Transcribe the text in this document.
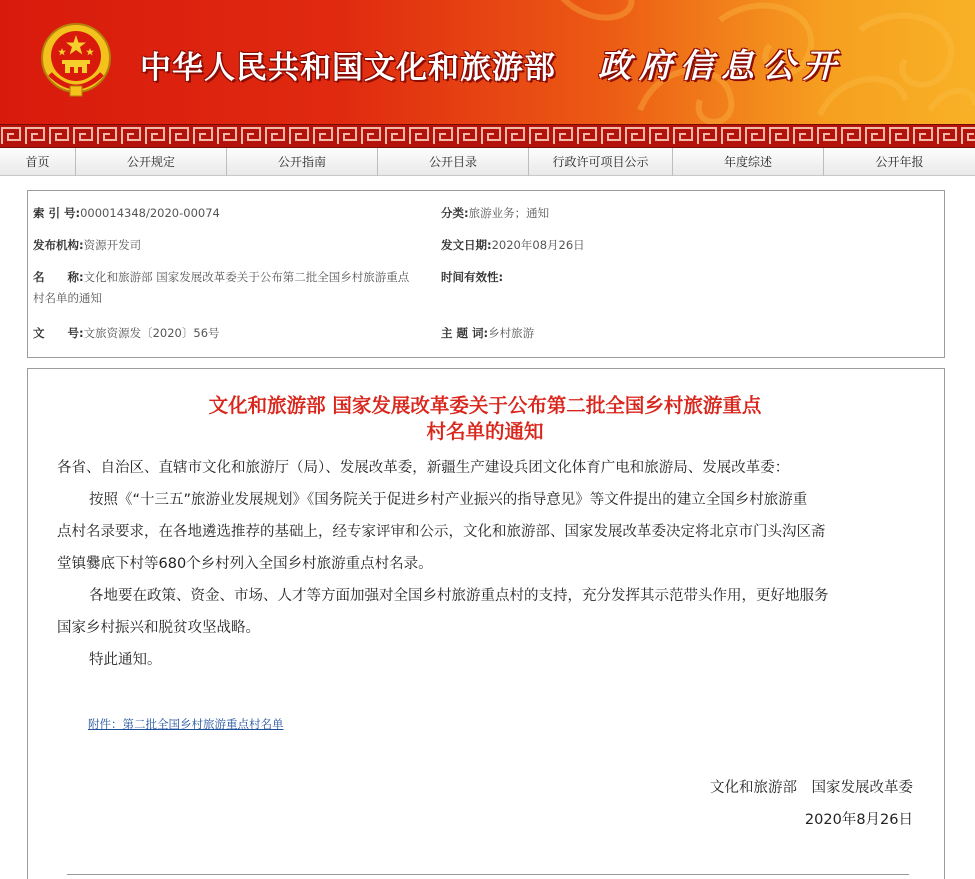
中华人民共和国文化和旅游部 政府信息公开
首页	公开规定	公开指南	公开目录	行政许可项目公示	年度综述	公开年报
索 引 号:000014348/2020-00074	分类:旅游业务；通知
发布机构:资源开发司	发文日期:2020年08月26日
名　　称:文化和旅游部 国家发展改革委关于公布第二批全国乡村旅游重点
村名单的通知
时间有效性:
文　　号:文旅资源发〔2020〕56号	主 题 词:乡村旅游
文化和旅游部 国家发展改革委关于公布第二批全国乡村旅游重点
村名单的通知
各省、自治区、直辖市文化和旅游厅（局）、发展改革委，新疆生产建设兵团文化体育广电和旅游局、发展改革委：
按照《“十三五”旅游业发展规划》《国务院关于促进乡村产业振兴的指导意见》等文件提出的建立全国乡村旅游重
点村名录要求，在各地遴选推荐的基础上，经专家评审和公示，文化和旅游部、国家发展改革委决定将北京市门头沟区斋
堂镇爨底下村等680个乡村列入全国乡村旅游重点村名录。
各地要在政策、资金、市场、人才等方面加强对全国乡村旅游重点村的支持，充分发挥其示范带头作用，更好地服务
国家乡村振兴和脱贫攻坚战略。
特此通知。
附件：第二批全国乡村旅游重点村名单
文化和旅游部　国家发展改革委
2020年8月26日
